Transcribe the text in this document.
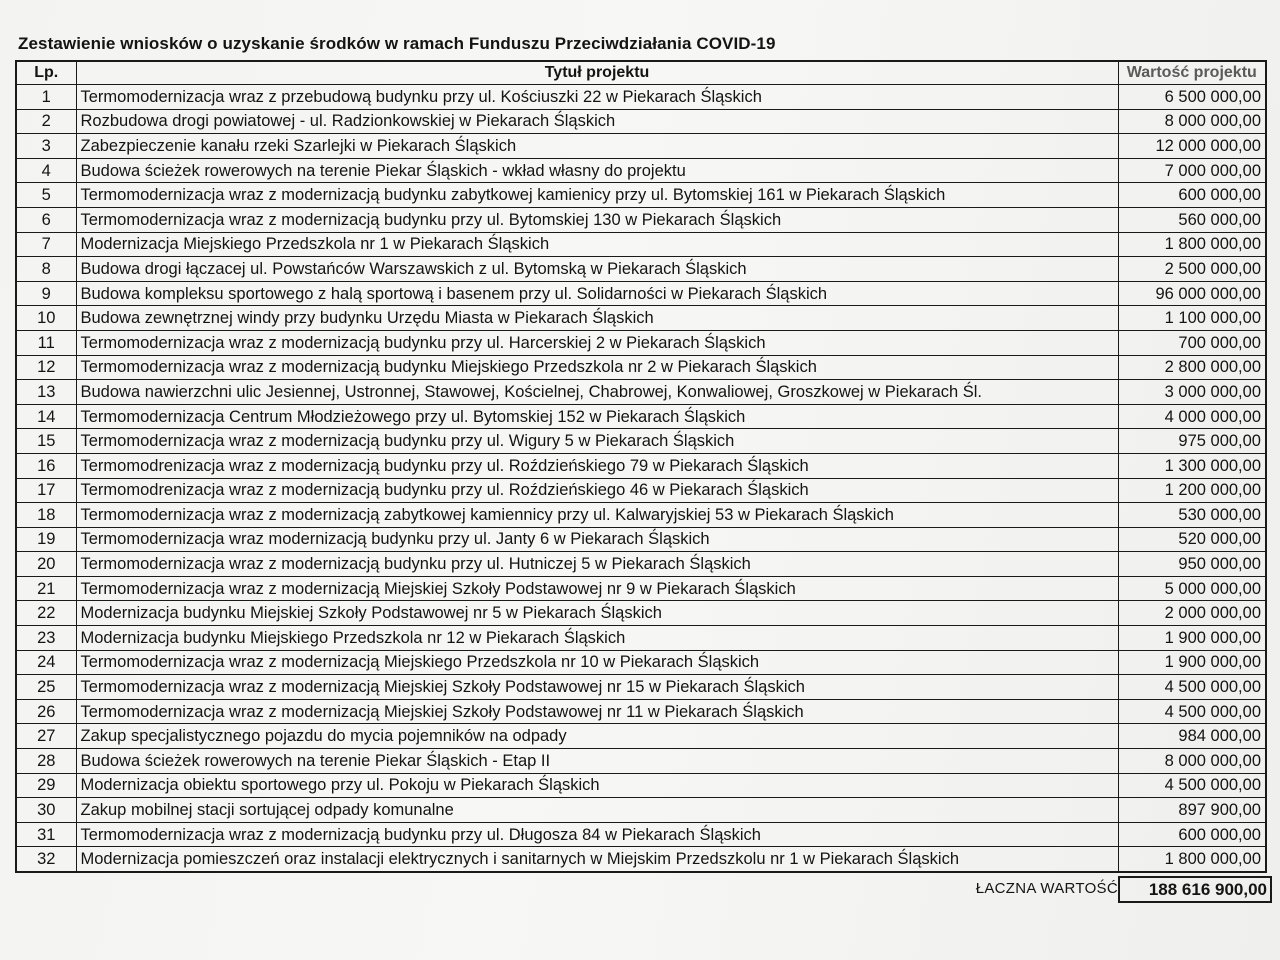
Zestawienie wniosków o uzyskanie środków w ramach Funduszu Przeciwdziałania COVID-19
Lp.	Tytuł projektu	Wartość projektu
1	Termomodernizacja wraz z przebudową budynku przy ul. Kościuszki 22 w Piekarach Śląskich	6 500 000,00
2	Rozbudowa drogi powiatowej - ul. Radzionkowskiej w Piekarach Śląskich	8 000 000,00
3	Zabezpieczenie kanału rzeki Szarlejki w Piekarach Śląskich	12 000 000,00
4	Budowa ścieżek rowerowych na terenie Piekar Śląskich - wkład własny do projektu	7 000 000,00
5	Termomodernizacja wraz z modernizacją budynku zabytkowej kamienicy przy ul. Bytomskiej 161 w Piekarach Śląskich	600 000,00
6	Termomodernizacja wraz z modernizacją budynku przy ul. Bytomskiej 130 w Piekarach Śląskich	560 000,00
7	Modernizacja Miejskiego Przedszkola nr 1 w Piekarach Śląskich	1 800 000,00
8	Budowa drogi łączacej ul. Powstańców Warszawskich z ul. Bytomską w Piekarach Śląskich	2 500 000,00
9	Budowa kompleksu sportowego z halą sportową i basenem przy ul. Solidarności w Piekarach Śląskich	96 000 000,00
10	Budowa zewnętrznej windy przy budynku Urzędu Miasta w Piekarach Śląskich	1 100 000,00
11	Termomodernizacja wraz z modernizacją budynku przy ul. Harcerskiej 2 w Piekarach Śląskich	700 000,00
12	Termomodernizacja wraz z modernizacją budynku Miejskiego Przedszkola nr 2 w Piekarach Śląskich	2 800 000,00
13	Budowa nawierzchni ulic Jesiennej, Ustronnej, Stawowej, Kościelnej, Chabrowej, Konwaliowej, Groszkowej w Piekarach Śl.	3 000 000,00
14	Termomodernizacja Centrum Młodzieżowego przy ul. Bytomskiej 152 w Piekarach Śląskich	4 000 000,00
15	Termomodernizacja wraz z modernizacją budynku przy ul. Wigury 5 w Piekarach Śląskich	975 000,00
16	Termomodrenizacja wraz z modernizacją budynku przy ul. Roździeńskiego 79 w Piekarach Śląskich	1 300 000,00
17	Termomodrenizacja wraz z modernizacją budynku przy ul. Roździeńskiego 46 w Piekarach Śląskich	1 200 000,00
18	Termomodernizacja wraz z modernizacją zabytkowej kamiennicy przy ul. Kalwaryjskiej 53 w Piekarach Śląskich	530 000,00
19	Termomodernizacja wraz modernizacją budynku przy ul. Janty 6 w Piekarach Śląskich	520 000,00
20	Termomodernizacja wraz z modernizacją budynku przy ul. Hutniczej 5 w Piekarach Śląskich	950 000,00
21	Termomodernizacja wraz z modernizacją Miejskiej Szkoły Podstawowej nr 9 w Piekarach Śląskich	5 000 000,00
22	Modernizacja budynku Miejskiej Szkoły Podstawowej nr 5 w Piekarach Śląskich	2 000 000,00
23	Modernizacja budynku Miejskiego Przedszkola nr 12 w Piekarach Śląskich	1 900 000,00
24	Termomodernizacja wraz z modernizacją Miejskiego Przedszkola nr 10 w Piekarach Śląskich	1 900 000,00
25	Termomodernizacja wraz z modernizacją Miejskiej Szkoły Podstawowej nr 15 w Piekarach Śląskich	4 500 000,00
26	Termomodernizacja wraz z modernizacją Miejskiej Szkoły Podstawowej nr 11 w Piekarach Śląskich	4 500 000,00
27	Zakup specjalistycznego pojazdu do mycia pojemników na odpady	984 000,00
28	Budowa ścieżek rowerowych na terenie Piekar Śląskich - Etap II	8 000 000,00
29	Modernizacja obiektu sportowego przy ul. Pokoju w Piekarach Śląskich	4 500 000,00
30	Zakup mobilnej stacji sortującej odpady komunalne	897 900,00
31	Termomodernizacja wraz z modernizacją budynku przy ul. Długosza 84 w Piekarach Śląskich	600 000,00
32	Modernizacja pomieszczeń oraz instalacji elektrycznych i sanitarnych w Miejskim Przedszkolu nr 1 w Piekarach Śląskich	1 800 000,00
ŁACZNA WARTOŚĆ	188 616 900,00
